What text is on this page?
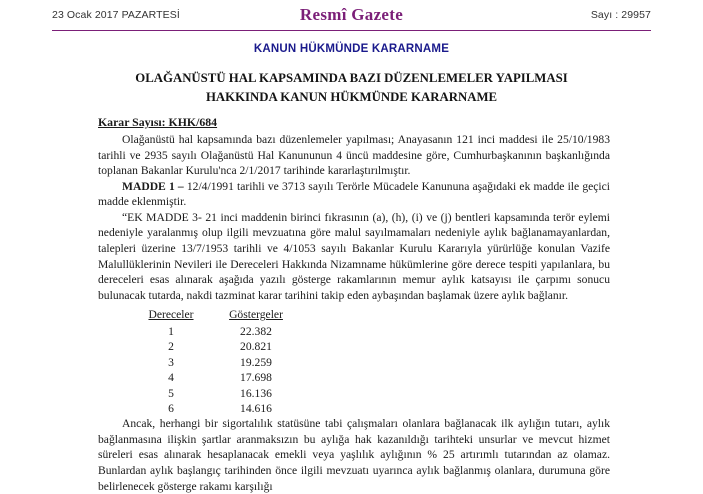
23 Ocak 2017 PAZARTESİ	Sayı : 29957
Resmî Gazete
KANUN HÜKMÜNDE KARARNAME
OLAĞANÜSTÜ HAL KAPSAMINDA BAZI DÜZENLEMELER YAPILMASI
HAKKINDA KANUN HÜKMÜNDE KARARNAME
Karar Sayısı: KHK/684

Olağanüstü hal kapsamında bazı düzenlemeler yapılması; Anayasanın 121 inci maddesi ile 25/10/1983 tarihli ve 2935 sayılı Olağanüstü Hal Kanununun 4 üncü maddesine göre, Cumhurbaşkanının başkanlığında toplanan Bakanlar Kurulu'nca 2/1/2017 tarihinde kararlaştırılmıştır.

MADDE 1 – 12/4/1991 tarihli ve 3713 sayılı Terörle Mücadele Kanununa aşağıdaki ek madde ile geçici madde eklenmiştir.

“EK MADDE 3- 21 inci maddenin birinci fıkrasının (a), (h), (i) ve (j) bentleri kapsamında terör eylemi nedeniyle yaralanmış olup ilgili mevzuatına göre malul sayılmamaları nedeniyle aylık bağlanamayanlardan, talepleri üzerine 13/7/1953 tarihli ve 4/1053 sayılı Bakanlar Kurulu Kararıyla yürürlüğe konulan Vazife Malullüklerinin Nevileri ile Dereceleri Hakkında Nizamname hükümlerine göre derece tespiti yapılanlara, bu dereceleri esas alınarak aşağıda yazılı gösterge rakamlarının memur aylık katsayısı ile çarpımı sonucu bulunacak tutarda, nakdi tazminat karar tarihini takip eden aybaşından başlamak üzere aylık bağlanır.

Dereceler	Göstergeler
1	22.382
2	20.821
3	19.259
4	17.698
5	16.136
6	14.616

Ancak, herhangi bir sigortalılık statüsüne tabi çalışmaları olanlara bağlanacak ilk aylığın tutarı, aylık bağlanmasına ilişkin şartlar aranmaksızın bu aylığa hak kazanıldığı tarihteki unsurlar ve mevcut hizmet süreleri esas alınarak hesaplanacak emekli veya yaşlılık aylığının % 25 artırımlı tutarından az olamaz. Bunlardan aylık başlangıç tarihinden önce ilgili mevzuatı uyarınca aylık bağlanmış olanlara, durumuna göre belirlenecek gösterge rakamı karşılığı
